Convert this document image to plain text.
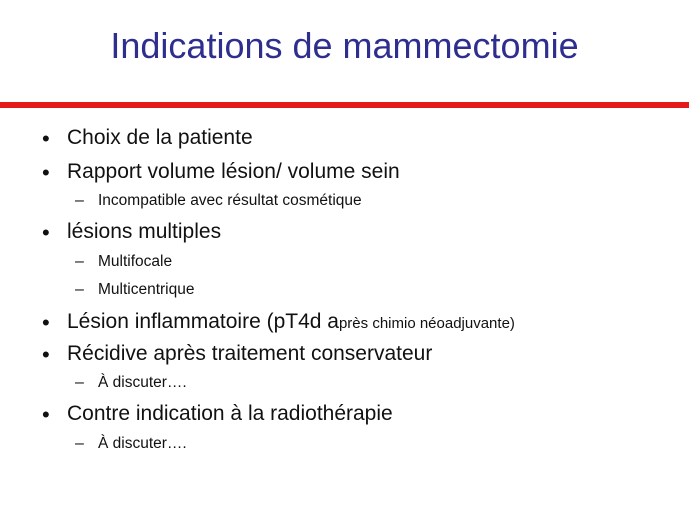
Indications de mammectomie
• Choix de la patiente
• Rapport volume lésion/ volume sein
– Incompatible avec résultat cosmétique
• lésions multiples
– Multifocale
– Multicentrique
• Lésion inflammatoire (pT4d après chimio néoadjuvante)
• Récidive après traitement conservateur
– À discuter….
• Contre indication à la radiothérapie
– À discuter….
